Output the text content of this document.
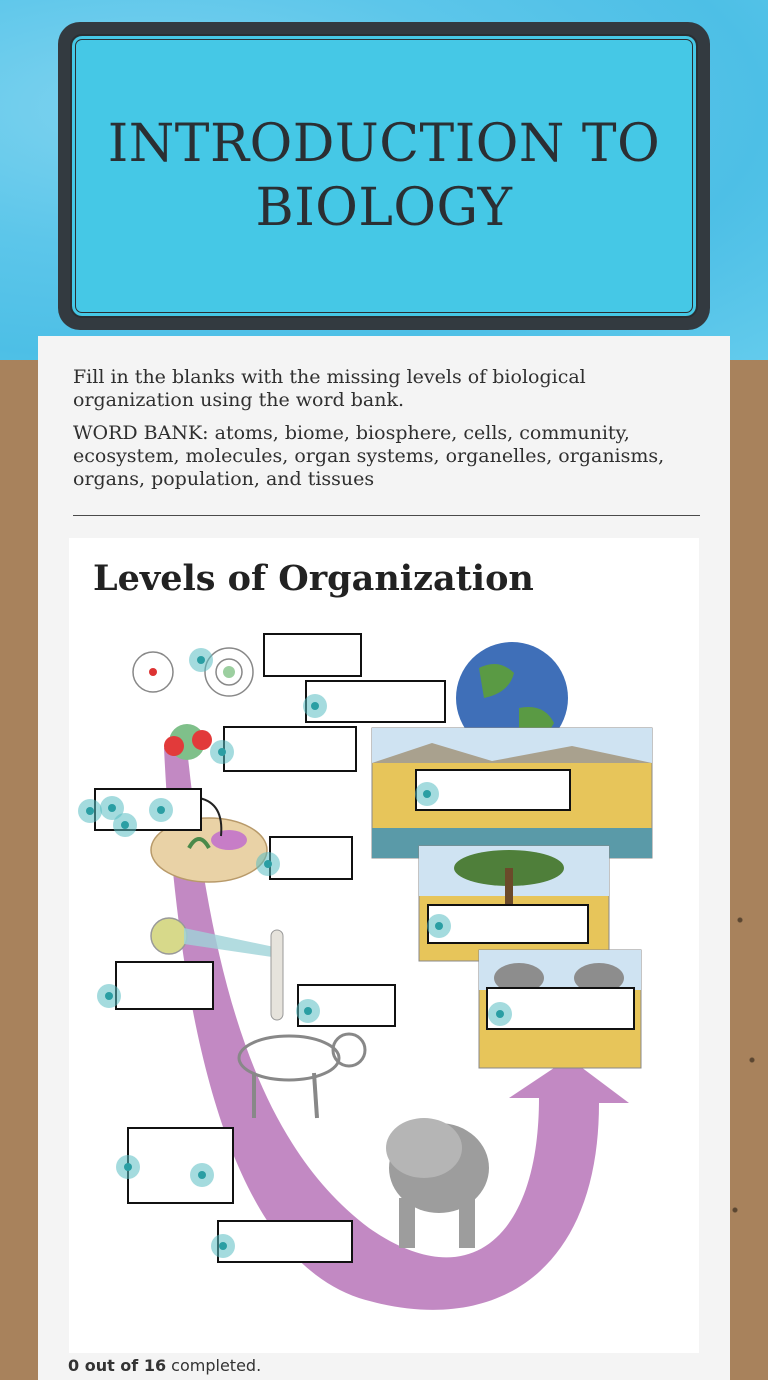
INTRODUCTION TO BIOLOGY

Fill in the blanks with the missing levels of biological organization using the word bank.

WORD BANK: atoms, biome, biosphere, cells, community, ecosystem, molecules, organ systems, organelles, organisms, organs, population, and tissues

Levels of Organization
0 out of 16 completed.
